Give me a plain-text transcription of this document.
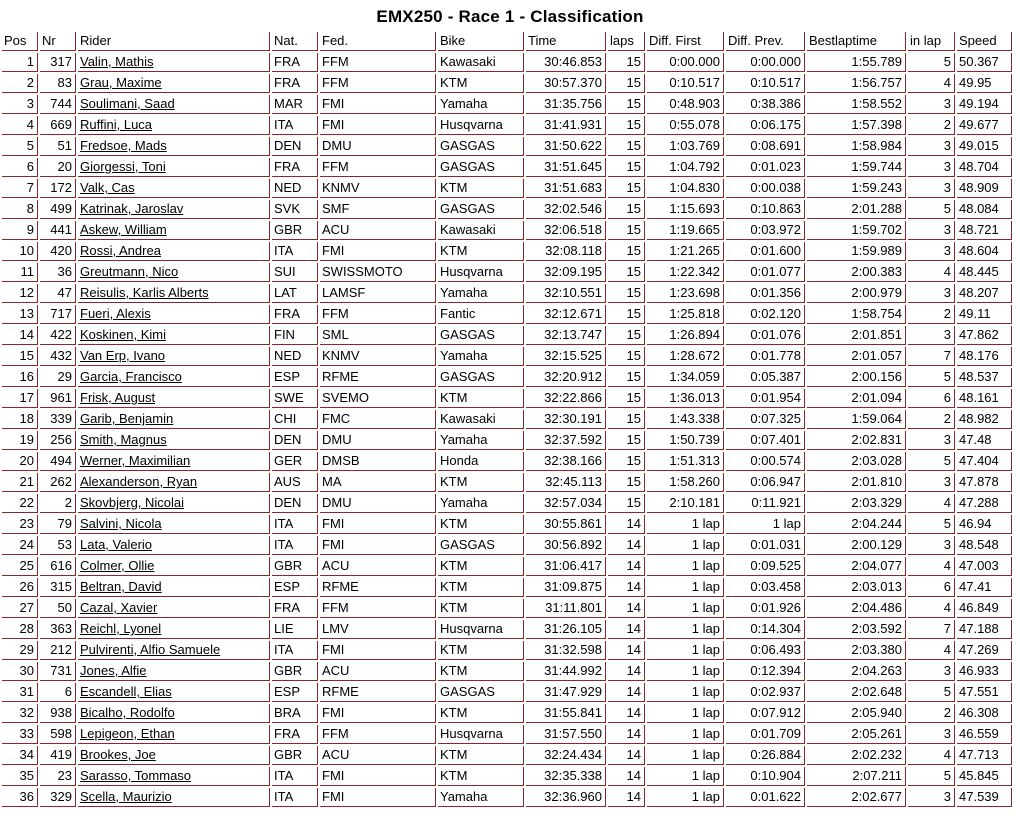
EMX250 - Race 1 - Classification
Pos	Nr	Rider	Nat.	Fed.	Bike	Time	laps	Diff. First	Diff. Prev.	Bestlaptime	in lap	Speed
1	317	Valin, Mathis	FRA	FFM	Kawasaki	30:46.853	15	0:00.000	0:00.000	1:55.789	5	50.367
2	83	Grau, Maxime	FRA	FFM	KTM	30:57.370	15	0:10.517	0:10.517	1:56.757	4	49.95
3	744	Soulimani, Saad	MAR	FMI	Yamaha	31:35.756	15	0:48.903	0:38.386	1:58.552	3	49.194
4	669	Ruffini, Luca	ITA	FMI	Husqvarna	31:41.931	15	0:55.078	0:06.175	1:57.398	2	49.677
5	51	Fredsoe, Mads	DEN	DMU	GASGAS	31:50.622	15	1:03.769	0:08.691	1:58.984	3	49.015
6	20	Giorgessi, Toni	FRA	FFM	GASGAS	31:51.645	15	1:04.792	0:01.023	1:59.744	3	48.704
7	172	Valk, Cas	NED	KNMV	KTM	31:51.683	15	1:04.830	0:00.038	1:59.243	3	48.909
8	499	Katrinak, Jaroslav	SVK	SMF	GASGAS	32:02.546	15	1:15.693	0:10.863	2:01.288	5	48.084
9	441	Askew, William	GBR	ACU	Kawasaki	32:06.518	15	1:19.665	0:03.972	1:59.702	3	48.721
10	420	Rossi, Andrea	ITA	FMI	KTM	32:08.118	15	1:21.265	0:01.600	1:59.989	3	48.604
11	36	Greutmann, Nico	SUI	SWISSMOTO	Husqvarna	32:09.195	15	1:22.342	0:01.077	2:00.383	4	48.445
12	47	Reisulis, Karlis Alberts	LAT	LAMSF	Yamaha	32:10.551	15	1:23.698	0:01.356	2:00.979	3	48.207
13	717	Fueri, Alexis	FRA	FFM	Fantic	32:12.671	15	1:25.818	0:02.120	1:58.754	2	49.11
14	422	Koskinen, Kimi	FIN	SML	GASGAS	32:13.747	15	1:26.894	0:01.076	2:01.851	3	47.862
15	432	Van Erp, Ivano	NED	KNMV	Yamaha	32:15.525	15	1:28.672	0:01.778	2:01.057	7	48.176
16	29	Garcia, Francisco	ESP	RFME	GASGAS	32:20.912	15	1:34.059	0:05.387	2:00.156	5	48.537
17	961	Frisk, August	SWE	SVEMO	KTM	32:22.866	15	1:36.013	0:01.954	2:01.094	6	48.161
18	339	Garib, Benjamin	CHI	FMC	Kawasaki	32:30.191	15	1:43.338	0:07.325	1:59.064	2	48.982
19	256	Smith, Magnus	DEN	DMU	Yamaha	32:37.592	15	1:50.739	0:07.401	2:02.831	3	47.48
20	494	Werner, Maximilian	GER	DMSB	Honda	32:38.166	15	1:51.313	0:00.574	2:03.028	5	47.404
21	262	Alexanderson, Ryan	AUS	MA	KTM	32:45.113	15	1:58.260	0:06.947	2:01.810	3	47.878
22	2	Skovbjerg, Nicolai	DEN	DMU	Yamaha	32:57.034	15	2:10.181	0:11.921	2:03.329	4	47.288
23	79	Salvini, Nicola	ITA	FMI	KTM	30:55.861	14	1 lap	1 lap	2:04.244	5	46.94
24	53	Lata, Valerio	ITA	FMI	GASGAS	30:56.892	14	1 lap	0:01.031	2:00.129	3	48.548
25	616	Colmer, Ollie	GBR	ACU	KTM	31:06.417	14	1 lap	0:09.525	2:04.077	4	47.003
26	315	Beltran, David	ESP	RFME	KTM	31:09.875	14	1 lap	0:03.458	2:03.013	6	47.41
27	50	Cazal, Xavier	FRA	FFM	KTM	31:11.801	14	1 lap	0:01.926	2:04.486	4	46.849
28	363	Reichl, Lyonel	LIE	LMV	Husqvarna	31:26.105	14	1 lap	0:14.304	2:03.592	7	47.188
29	212	Pulvirenti, Alfio Samuele	ITA	FMI	KTM	31:32.598	14	1 lap	0:06.493	2:03.380	4	47.269
30	731	Jones, Alfie	GBR	ACU	KTM	31:44.992	14	1 lap	0:12.394	2:04.263	3	46.933
31	6	Escandell, Elias	ESP	RFME	GASGAS	31:47.929	14	1 lap	0:02.937	2:02.648	5	47.551
32	938	Bicalho, Rodolfo	BRA	FMI	KTM	31:55.841	14	1 lap	0:07.912	2:05.940	2	46.308
33	598	Lepigeon, Ethan	FRA	FFM	Husqvarna	31:57.550	14	1 lap	0:01.709	2:05.261	3	46.559
34	419	Brookes, Joe	GBR	ACU	KTM	32:24.434	14	1 lap	0:26.884	2:02.232	4	47.713
35	23	Sarasso, Tommaso	ITA	FMI	KTM	32:35.338	14	1 lap	0:10.904	2:07.211	5	45.845
36	329	Scella, Maurizio	ITA	FMI	Yamaha	32:36.960	14	1 lap	0:01.622	2:02.677	3	47.539
